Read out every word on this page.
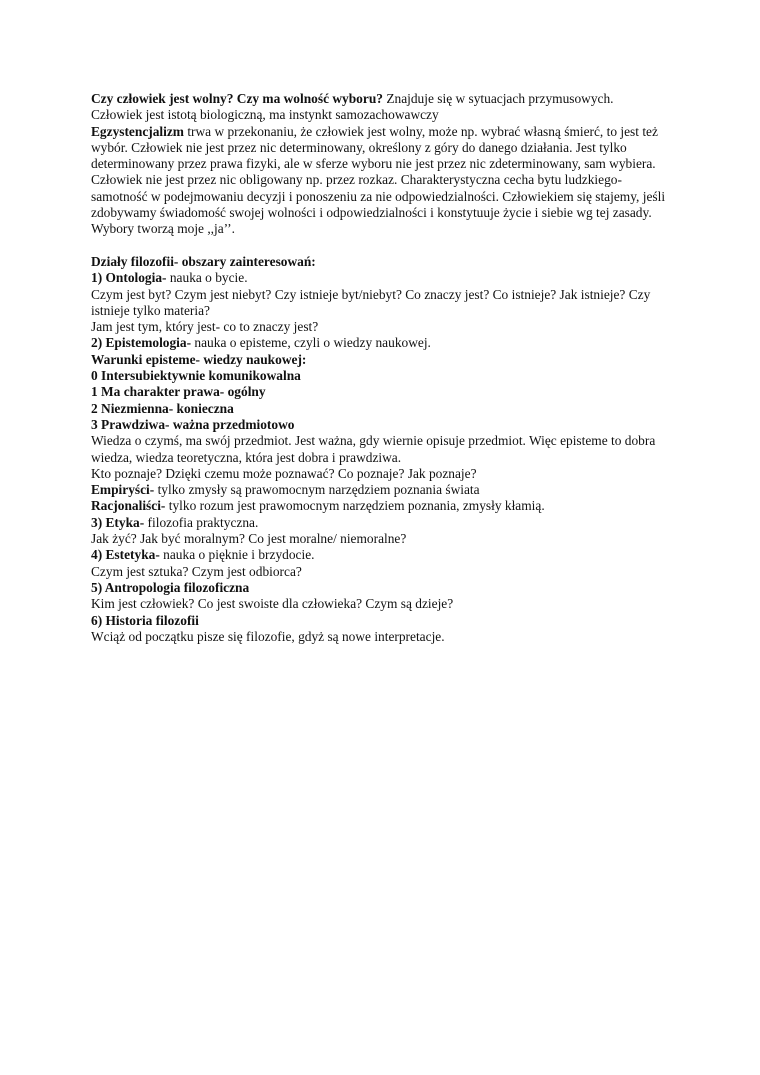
Czy człowiek jest wolny? Czy ma wolność wyboru? Znajduje się w sytuacjach przymusowych.

Człowiek jest istotą biologiczną, ma instynkt samozachowawczy

Egzystencjalizm trwa w przekonaniu, że człowiek jest wolny, może np. wybrać własną śmierć, to jest też wybór. Człowiek nie jest przez nic determinowany, określony z góry do danego działania. Jest tylko determinowany przez prawa fizyki, ale w sferze wyboru nie jest przez nic zdeterminowany, sam wybiera. Człowiek nie jest przez nic obligowany np. przez rozkaz. Charakterystyczna cecha bytu ludzkiego- samotność w podejmowaniu decyzji i ponoszeniu za nie odpowiedzialności. Człowiekiem się stajemy, jeśli zdobywamy świadomość swojej wolności i odpowiedzialności i konstytuuje życie i siebie wg tej zasady. Wybory tworzą moje ,,ja’’.

Działy filozofii- obszary zainteresowań:

1) Ontologia- nauka o bycie.

Czym jest byt? Czym jest niebyt? Czy istnieje byt/niebyt? Co znaczy jest? Co istnieje? Jak istnieje? Czy istnieje tylko materia?

Jam jest tym, który jest- co to znaczy jest?

2) Epistemologia- nauka o episteme, czyli o wiedzy naukowej.

Warunki episteme- wiedzy naukowej:

0 Intersubiektywnie komunikowalna

1 Ma charakter prawa- ogólny

2 Niezmienna- konieczna

3 Prawdziwa- ważna przedmiotowo

Wiedza o czymś, ma swój przedmiot. Jest ważna, gdy wiernie opisuje przedmiot. Więc episteme to dobra wiedza, wiedza teoretyczna, która jest dobra i prawdziwa.

Kto poznaje? Dzięki czemu może poznawać? Co poznaje? Jak poznaje?

Empiryści- tylko zmysły są prawomocnym narzędziem poznania świata

Racjonaliści- tylko rozum jest prawomocnym narzędziem poznania, zmysły kłamią.

3) Etyka- filozofia praktyczna.

Jak żyć? Jak być moralnym? Co jest moralne/ niemoralne?

4) Estetyka- nauka o pięknie i brzydocie.

Czym jest sztuka? Czym jest odbiorca?

5) Antropologia filozoficzna

Kim jest człowiek? Co jest swoiste dla człowieka? Czym są dzieje?

6) Historia filozofii

Wciąż od początku pisze się filozofie, gdyż są nowe interpretacje.
